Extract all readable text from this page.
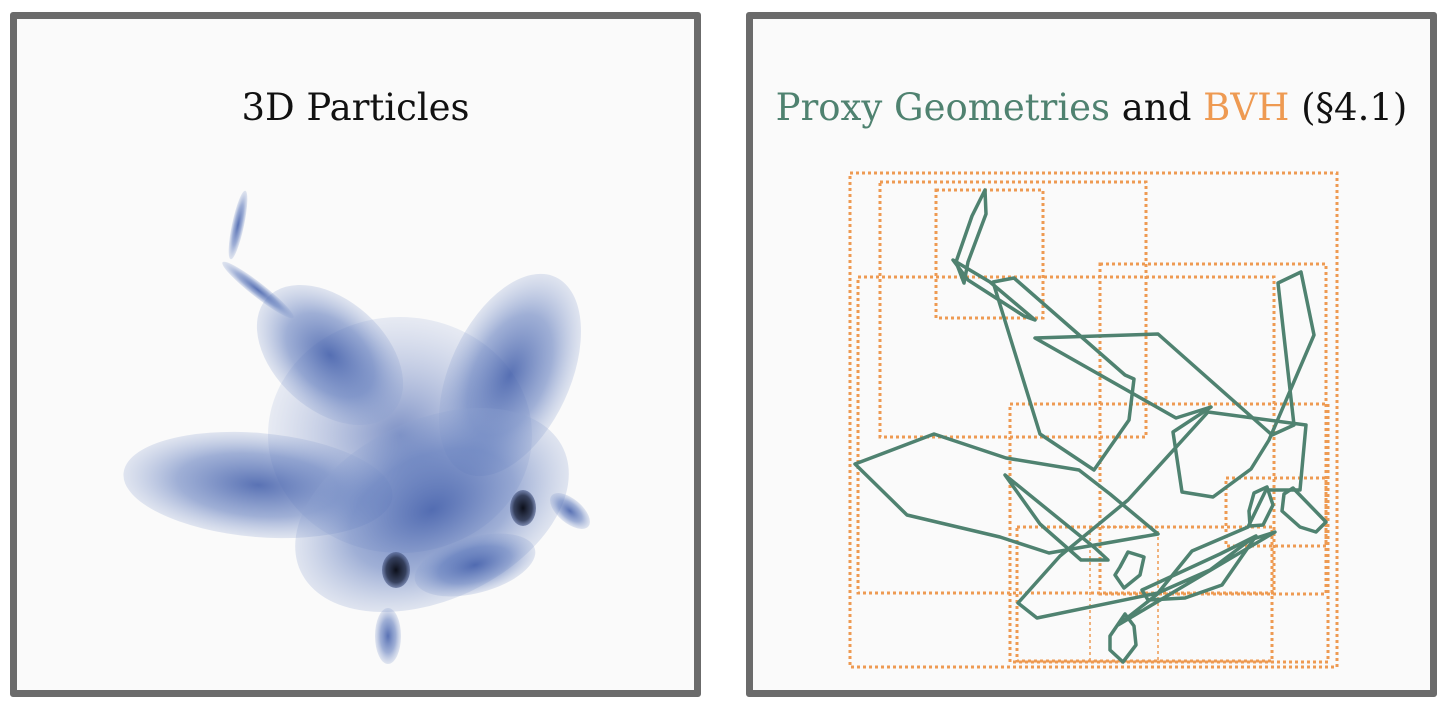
3D Particles	Proxy Geometries and BVH (§4.1)
